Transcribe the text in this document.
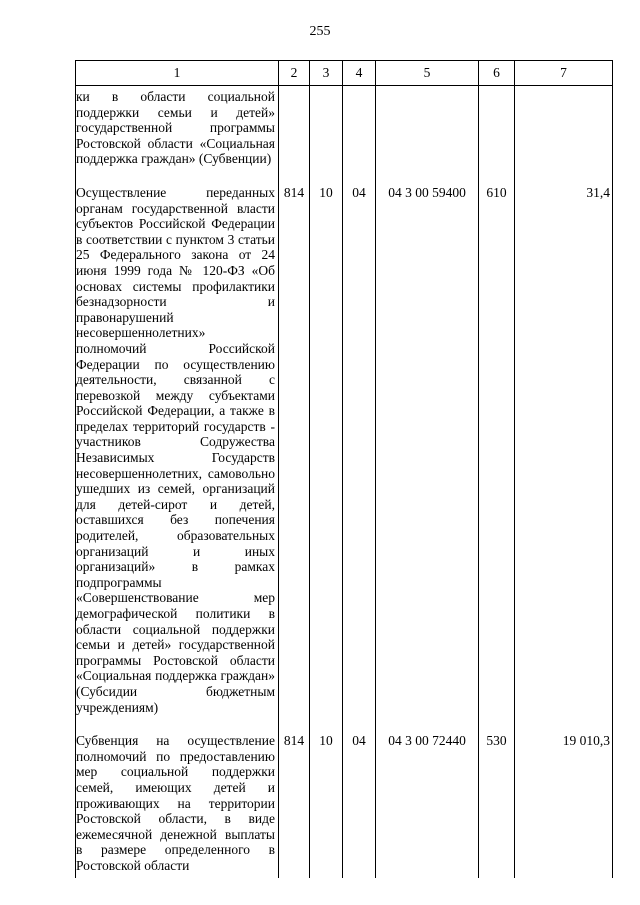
255
1	2	3	4	5	6	7
ки в области социальной поддержки семьи и детей» государственной программы Ростовской области «Социальная поддержка граждан» (Субвенции)						
Осуществление переданных органам государственной власти субъектов Российской Федерации в соответствии с пунктом 3 статьи 25 Федерального закона от 24 июня 1999 года № 120-ФЗ «Об основах системы профилактики безнадзорности и правонарушений несовершеннолетних» полномочий Российской Федерации по осуществлению деятельности, связанной с перевозкой между субъектами Российской Федерации, а также в пределах территорий государств - участников Содружества Независимых Государств несовершеннолетних, самовольно ушедших из семей, организаций для детей-сирот и детей, оставшихся без попечения родителей, образовательных организаций и иных организаций» в рамках подпрограммы «Совершенствование мер демографической политики в области социальной поддержки семьи и детей» государственной программы Ростовской области «Социальная поддержка граждан» (Субсидии бюджетным учреждениям)	814	10	04	04 3 00 59400	610	31,4
Субвенция на осуществление полномочий по предоставлению мер социальной поддержки семей, имеющих детей и проживающих на территории Ростовской области, в виде ежемесячной денежной выплаты в размере определенного в Ростовской области	814	10	04	04 3 00 72440	530	19 010,3
